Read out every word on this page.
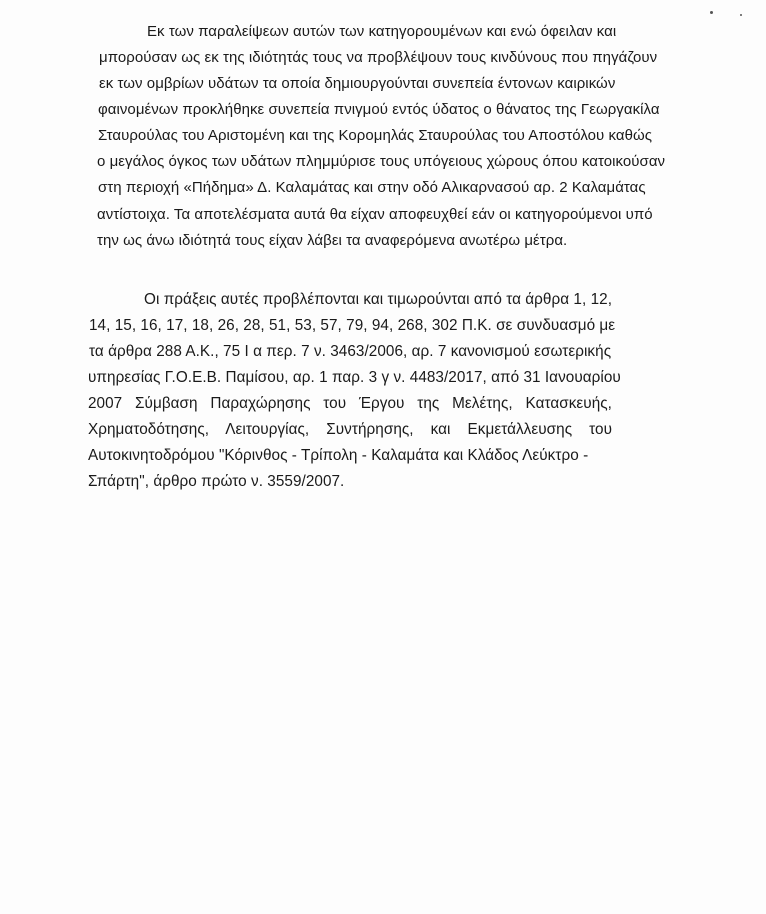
Εκ των παραλείψεων αυτών των κατηγορουμένων και ενώ όφειλαν και
μπορούσαν ως εκ της ιδιότητάς τους να προβλέψουν τους κινδύνους που πηγάζουν
εκ των ομβρίων υδάτων τα οποία δημιουργούνται συνεπεία έντονων καιρικών
φαινομένων προκλήθηκε συνεπεία πνιγμού εντός ύδατος ο θάνατος της Γεωργακίλα
Σταυρούλας του Αριστομένη και της Κορομηλάς Σταυρούλας του Αποστόλου καθώς
ο μεγάλος όγκος των υδάτων πλημμύρισε τους υπόγειους χώρους όπου κατοικούσαν
στη περιοχή «Πήδημα» Δ. Καλαμάτας και στην οδό Αλικαρνασού αρ. 2 Καλαμάτας
αντίστοιχα. Τα αποτελέσματα αυτά θα είχαν αποφευχθεί εάν οι κατηγορούμενοι υπό
την ως άνω ιδιότητά τους είχαν λάβει τα αναφερόμενα ανωτέρω μέτρα.
Οι πράξεις αυτές προβλέπονται και τιμωρούνται από τα άρθρα 1, 12,
14, 15, 16, 17, 18, 26, 28, 51, 53, 57, 79, 94, 268, 302 Π.Κ. σε συνδυασμό με
τα άρθρα 288 Α.Κ., 75 Ι α περ. 7 ν. 3463/2006, αρ. 7 κανονισμού εσωτερικής
υπηρεσίας Γ.Ο.Ε.Β. Παμίσου, αρ. 1 παρ. 3 γ ν. 4483/2017, από 31 Ιανουαρίου
2007 Σύμβαση Παραχώρησης του Έργου της Μελέτης, Κατασκευής,
Χρηματοδότησης, Λειτουργίας, Συντήρησης, και Εκμετάλλευσης του
Αυτοκινητοδρόμου "Κόρινθος - Τρίπολη - Καλαμάτα και Κλάδος Λεύκτρο -
Σπάρτη", άρθρο πρώτο ν. 3559/2007.
